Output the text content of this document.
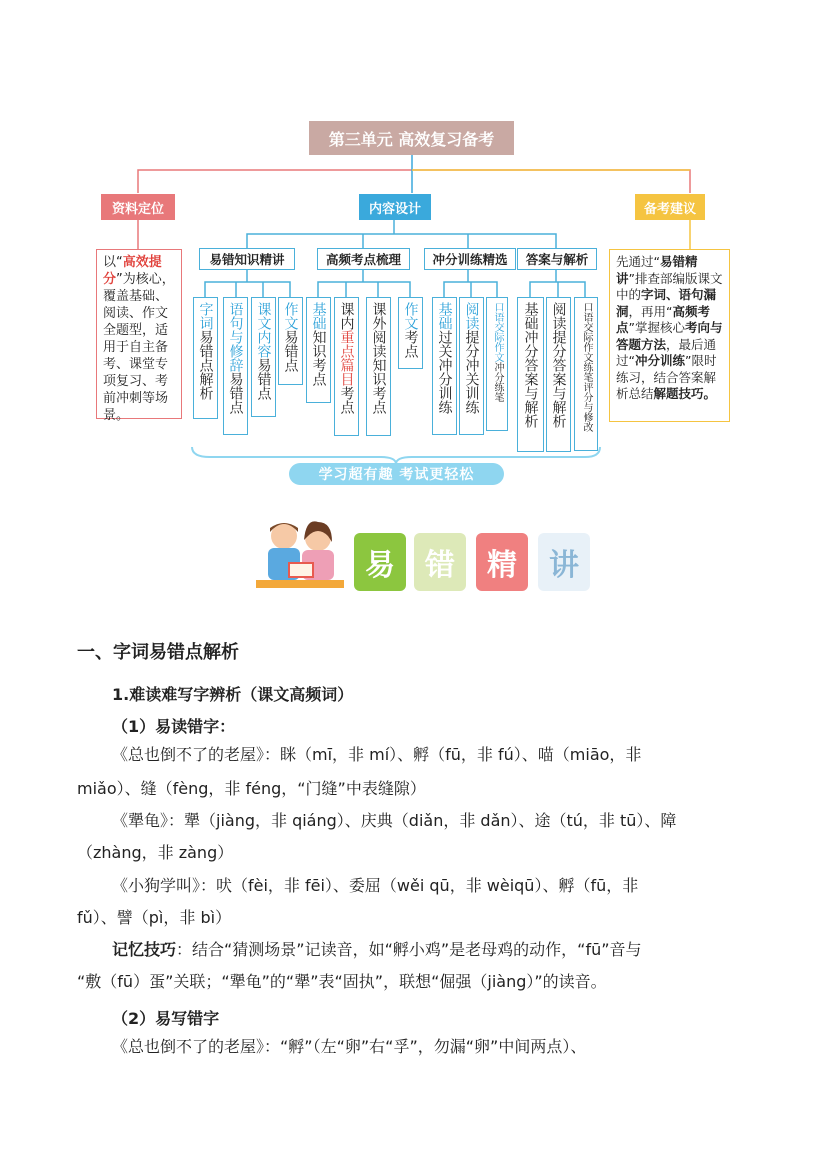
第三单元 高效复习备考
资料定位	内容设计	备考建议
以“高效提分”为核心，覆盖基础、阅读、作文全题型，适用于自主备考、课堂专项复习、考前冲刺等场景。
先通过“易错精讲”排查部编版课文中的字词、语句漏洞，再用“高频考点”掌握核心考向与答题方法，最后通过“冲分训练”限时练习，结合答案解析总结解题技巧。
易错知识精讲	高频考点梳理	冲分训练精选	答案与解析
字词
易错点解析 语句与修辞
易错点
课文内容
易错点
作文
易错点
基础
知识考点
课内
重点篇目
考点 课外阅读知识考点 作文
考点
基础
过关冲分训练
阅读
提分冲关训练 口语交际作文
冲分练笔 基础冲分答案与解析 阅读提分答案与解析 口语交际作文练笔评分与修改
学习超有趣 考试更轻松
易	错	精	讲
一、字词易错点解析
1.难读难写字辨析（课文高频词）
（1）易读错字：
《总也倒不了的老屋》：眯（mī，非 mí）、孵（fū，非 fú）、喵（miāo，非
miǎo）、缝（fèng，非 féng，“门缝”中表缝隙）
《犟龟》：犟（jiàng，非 qiáng）、庆典（diǎn，非 dǎn）、途（tú，非 tū）、障
（zhàng，非 zàng）
《小狗学叫》：吠（fèi，非 fēi）、委屈（wěi qū，非 wèiqū）、孵（fū，非
fǔ）、譬（pì，非 bì）
记忆技巧：结合“猜测场景”记读音，如“孵小鸡”是老母鸡的动作，“fū”音与
“敷（fū）蛋”关联；“犟龟”的“犟”表“固执”，联想“倔强（jiàng）”的读音。
（2）易写错字
《总也倒不了的老屋》：“孵”（左“卵”右“孚”，勿漏“卵”中间两点）、
